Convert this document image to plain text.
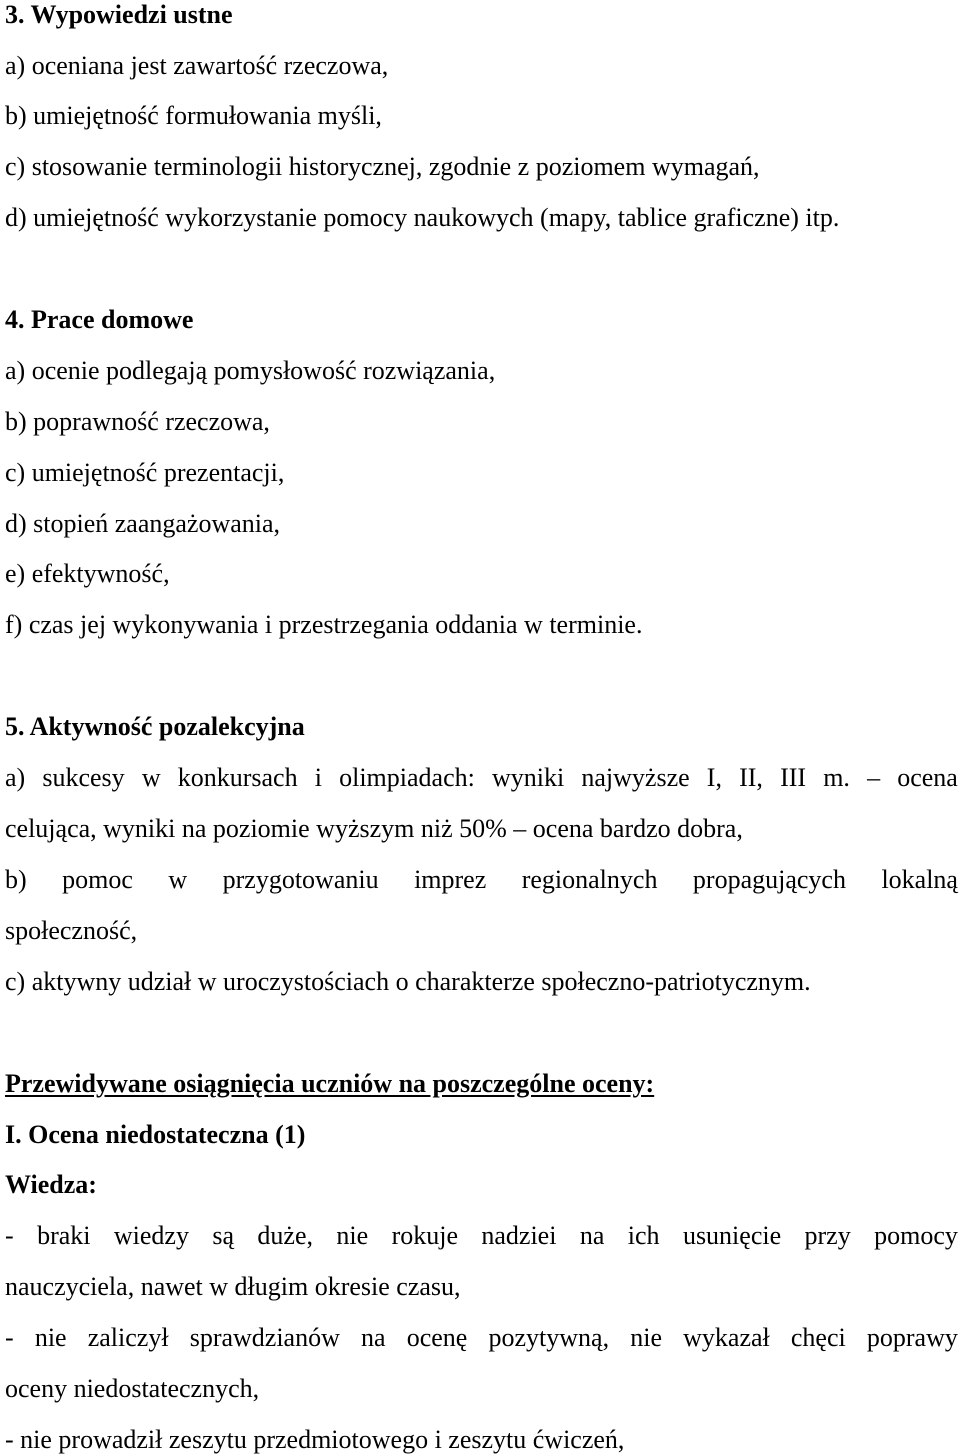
3. Wypowiedzi ustne
a) oceniana jest zawartość rzeczowa,
b) umiejętność formułowania myśli,
c) stosowanie terminologii historycznej, zgodnie z poziomem wymagań,
d) umiejętność wykorzystanie pomocy naukowych (mapy, tablice graficzne) itp.
4. Prace domowe
a) ocenie podlegają pomysłowość rozwiązania,
b) poprawność rzeczowa,
c) umiejętność prezentacji,
d) stopień zaangażowania,
e) efektywność,
f) czas jej wykonywania i przestrzegania oddania w terminie.
5. Aktywność pozalekcyjna
a) sukcesy w konkursach i olimpiadach: wyniki najwyższe I, II, III m. – ocena
celująca, wyniki na poziomie wyższym niż 50% – ocena bardzo dobra,
b) pomoc w przygotowaniu imprez regionalnych propagujących lokalną
społeczność,
c) aktywny udział w uroczystościach o charakterze społeczno-patriotycznym.
Przewidywane osiągnięcia uczniów na poszczególne oceny:
I. Ocena niedostateczna (1)
Wiedza:
- braki wiedzy są duże, nie rokuje nadziei na ich usunięcie przy pomocy
nauczyciela, nawet w długim okresie czasu,
- nie zaliczył sprawdzianów na ocenę pozytywną, nie wykazał chęci poprawy
oceny niedostatecznych,
- nie prowadził zeszytu przedmiotowego i zeszytu ćwiczeń,
